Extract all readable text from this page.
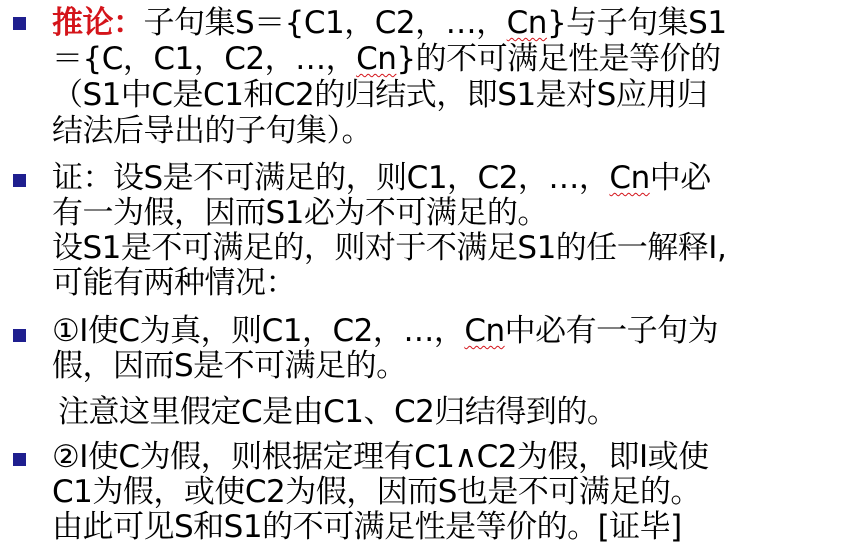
推论：子句集S＝{C1，C2，…，Cn}与子句集S1
＝{C，C1，C2，…，Cn}的不可满足性是等价的
（S1中C是C1和C2的归结式，即S1是对S应用归
结法后导出的子句集）。
证：设S是不可满足的，则C1，C2，…，Cn中必
有一为假，因而S1必为不可满足的。
设S1是不可满足的，则对于不满足S1的任一解释I,
可能有两种情况：
①I使C为真，则C1，C2，…，Cn中必有一子句为
假，因而S是不可满足的。
注意这里假定C是由C1、C2归结得到的。
②I使C为假，则根据定理有C1∧C2为假，即I或使
C1为假，或使C2为假，因而S也是不可满足的。
由此可见S和S1的不可满足性是等价的。[证毕]
